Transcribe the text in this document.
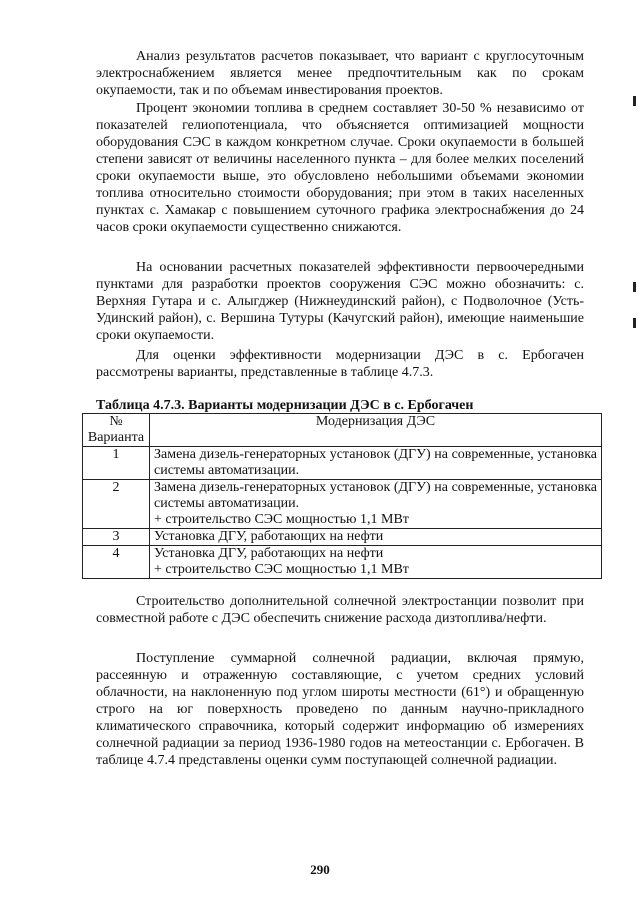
Анализ результатов расчетов показывает, что вариант с круглосуточным электроснабжением является менее предпочтительным как по срокам окупаемости, так и по объемам инвестирования проектов.

Процент экономии топлива в среднем составляет 30-50 % независимо от показателей гелиопотенциала, что объясняется оптимизацией мощности оборудования СЭС в каждом конкретном случае. Сроки окупаемости в большей степени зависят от величины населенного пункта – для более мелких поселений сроки окупаемости выше, это обусловлено небольшими объемами экономии топлива относительно стоимости оборудования; при этом в таких населенных пунктах с. Хамакар с повышением суточного графика электроснабжения до 24 часов сроки окупаемости существенно снижаются.

На основании расчетных показателей эффективности первоочередными пунктами для разработки проектов сооружения СЭС можно обозначить: с. Верхняя Гутара и с. Алыгджер (Нижнеудинский район), с Подволочное (Усть-Удинский район), с. Вершина Тутуры (Качугский район), имеющие наименьшие сроки окупаемости.

Для оценки эффективности модернизации ДЭС в с. Ербогачен рассмотрены варианты, представленные в таблице 4.7.3.

Таблица 4.7.3. Варианты модернизации ДЭС в с. Ербогачен
№
Варианта	Модернизация ДЭС
1	Замена дизель-генераторных установок (ДГУ) на современные, установка системы автоматизации.

2	Замена дизель-генераторных установок (ДГУ) на современные, установка системы автоматизации.
+ строительство СЭС мощностью 1,1 МВт

3	Установка ДГУ, работающих на нефти

4	Установка ДГУ, работающих на нефти
+ строительство СЭС мощностью 1,1 МВт

Строительство дополнительной солнечной электростанции позволит при совместной работе с ДЭС обеспечить снижение расхода дизтоплива/нефти.

Поступление суммарной солнечной радиации, включая прямую, рассеянную и отраженную составляющие, с учетом средних условий облачности, на наклоненную под углом широты местности (61°) и обращенную строго на юг поверхность проведено по данным научно-прикладного климатического справочника, который содержит информацию об измерениях солнечной радиации за период 1936-1980 годов на метеостанции с. Ербогачен. В таблице 4.7.4 представлены оценки сумм поступающей солнечной радиации.

290
